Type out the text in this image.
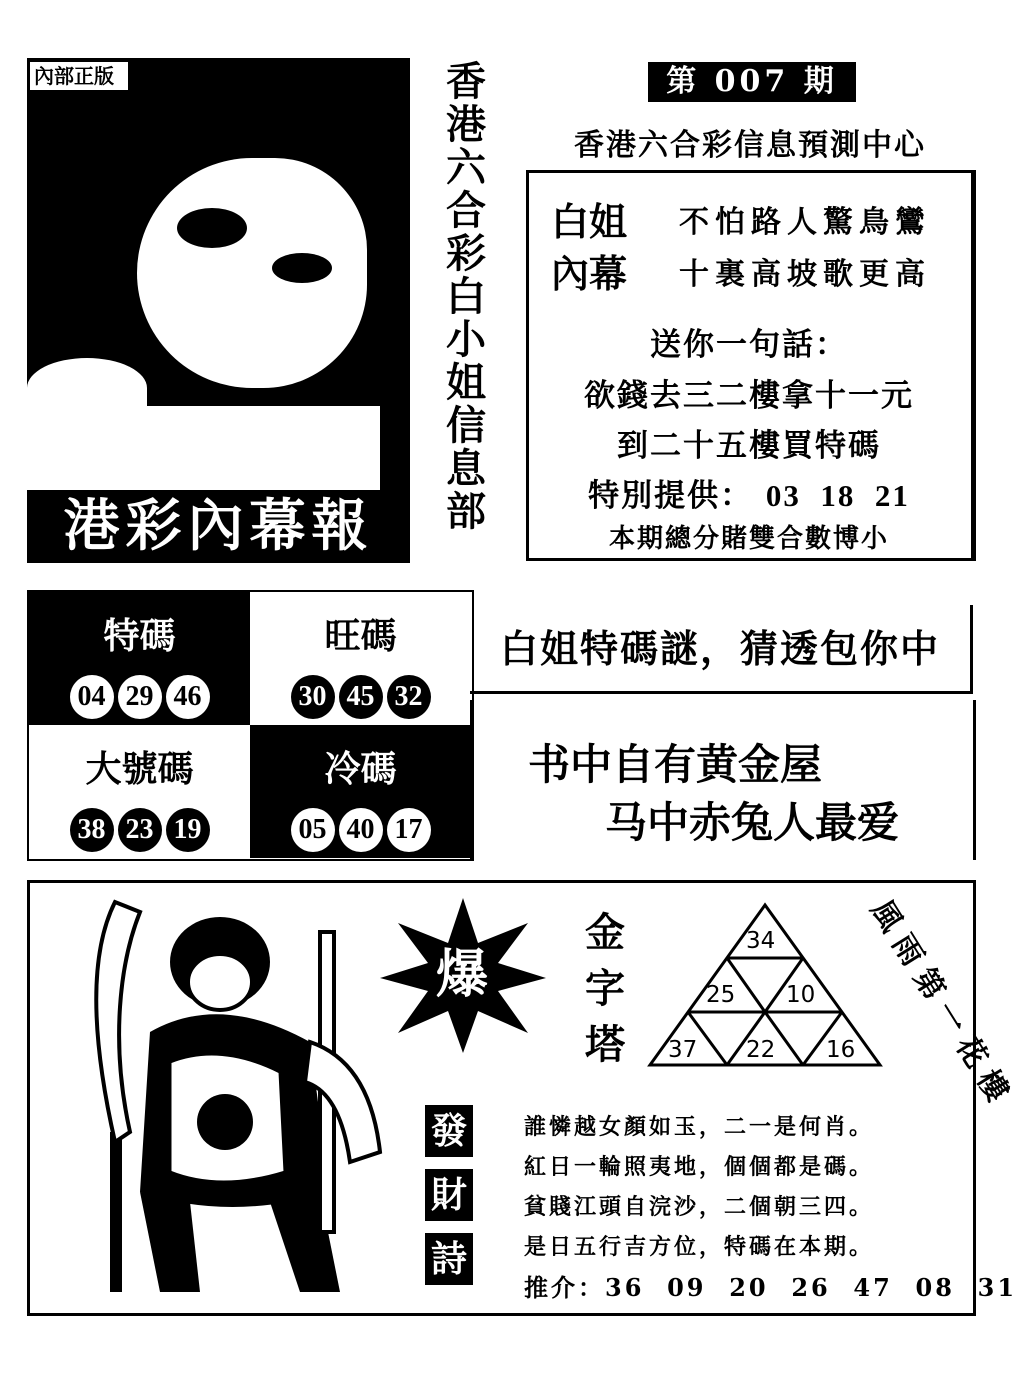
內部正版
港彩內幕報
香港六合彩白小姐信息部
第 007 期
香港六合彩信息預測中心
白姐 不怕路人驚鳥鸞
內幕 十裏高坡歌更高
送你一句話：
欲錢去三二樓拿十一元
到二十五樓買特碼
特別提供： 03  18  21
本期總分賭雙合數博小
特碼
04 29 46
旺碼
30 45 32
大號碼
38 23 19
冷碼
05 40 17
白姐特碼謎，猜透包你中
书中自有黄金屋
马中赤兔人最爱
爆
金字塔
34
25 10
37 22 16 風雨第一花樓
發
財
詩
誰憐越女顏如玉，二一是何肖。
紅日一輪照夷地，個個都是碼。
貧賤江頭自浣沙，二個朝三四。
是日五行吉方位，特碼在本期。
推介：36  09  20  26  47  08  31
